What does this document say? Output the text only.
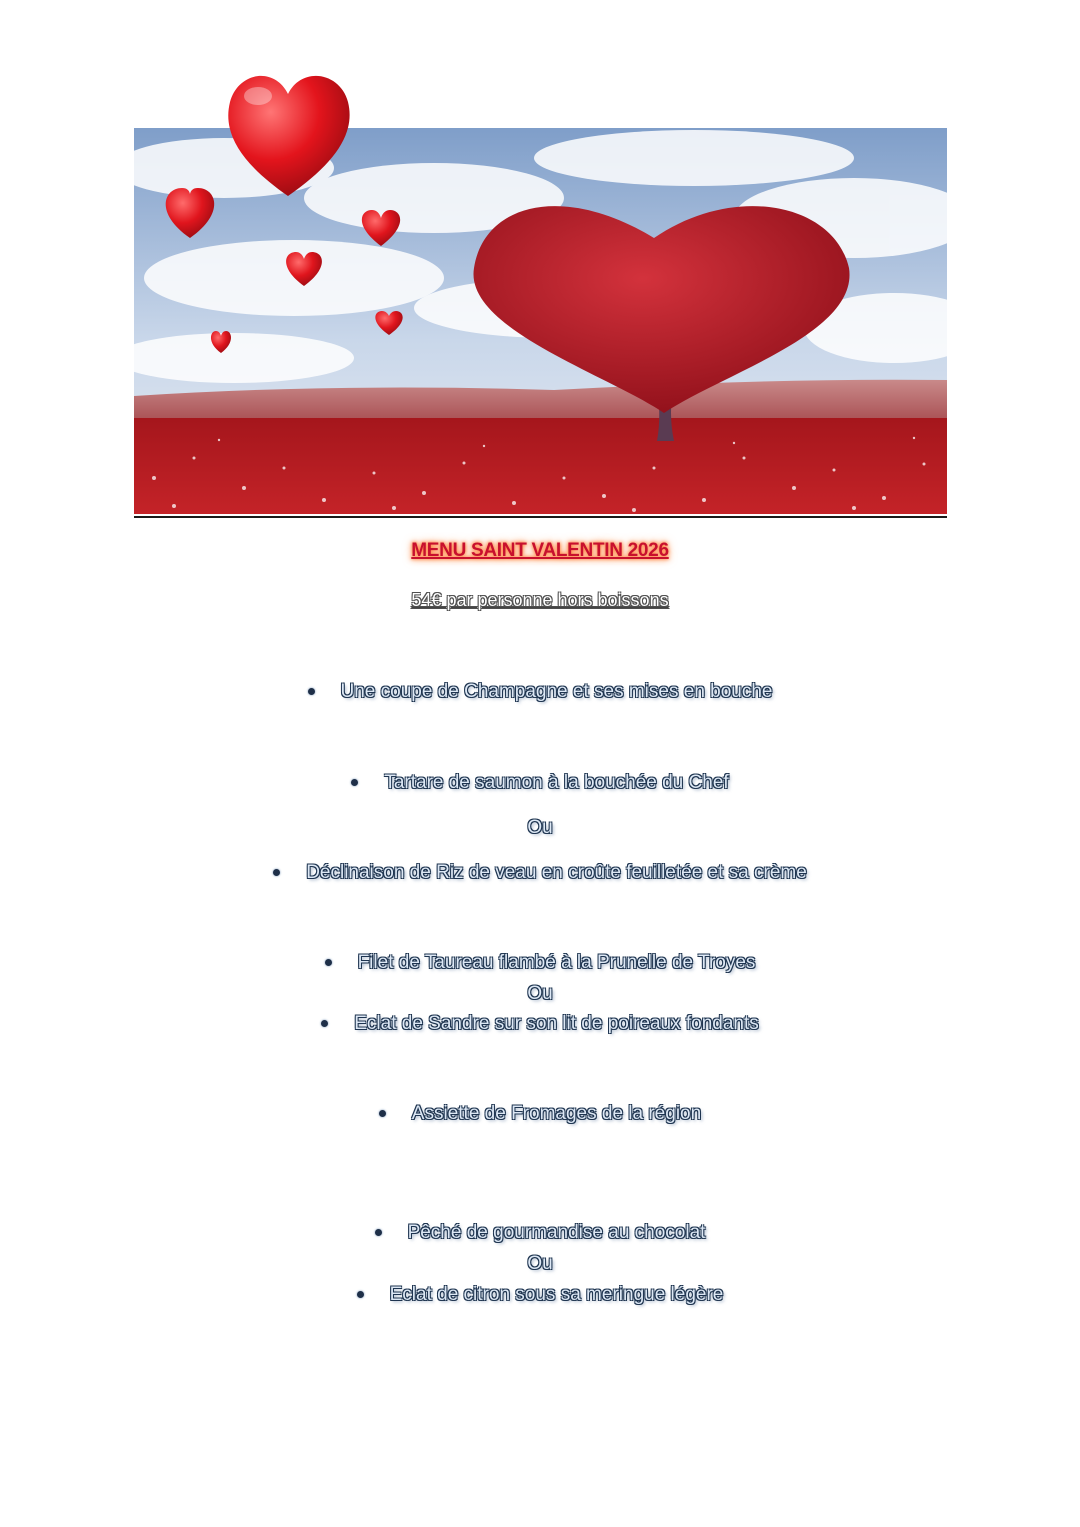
MENU SAINT VALENTIN 2026
54€ par personne hors boissons
Une coupe de Champagne et ses mises en bouche
Tartare de saumon à la bouchée du Chef
Ou
Déclinaison de Riz de veau en croûte feuilletée et sa crème
Filet de Taureau flambé à la Prunelle de Troyes
Ou
Eclat de Sandre sur son lit de poireaux fondants
Assiette de Fromages de la région
Pêché de gourmandise au chocolat
Ou
Eclat de citron sous sa meringue légère
